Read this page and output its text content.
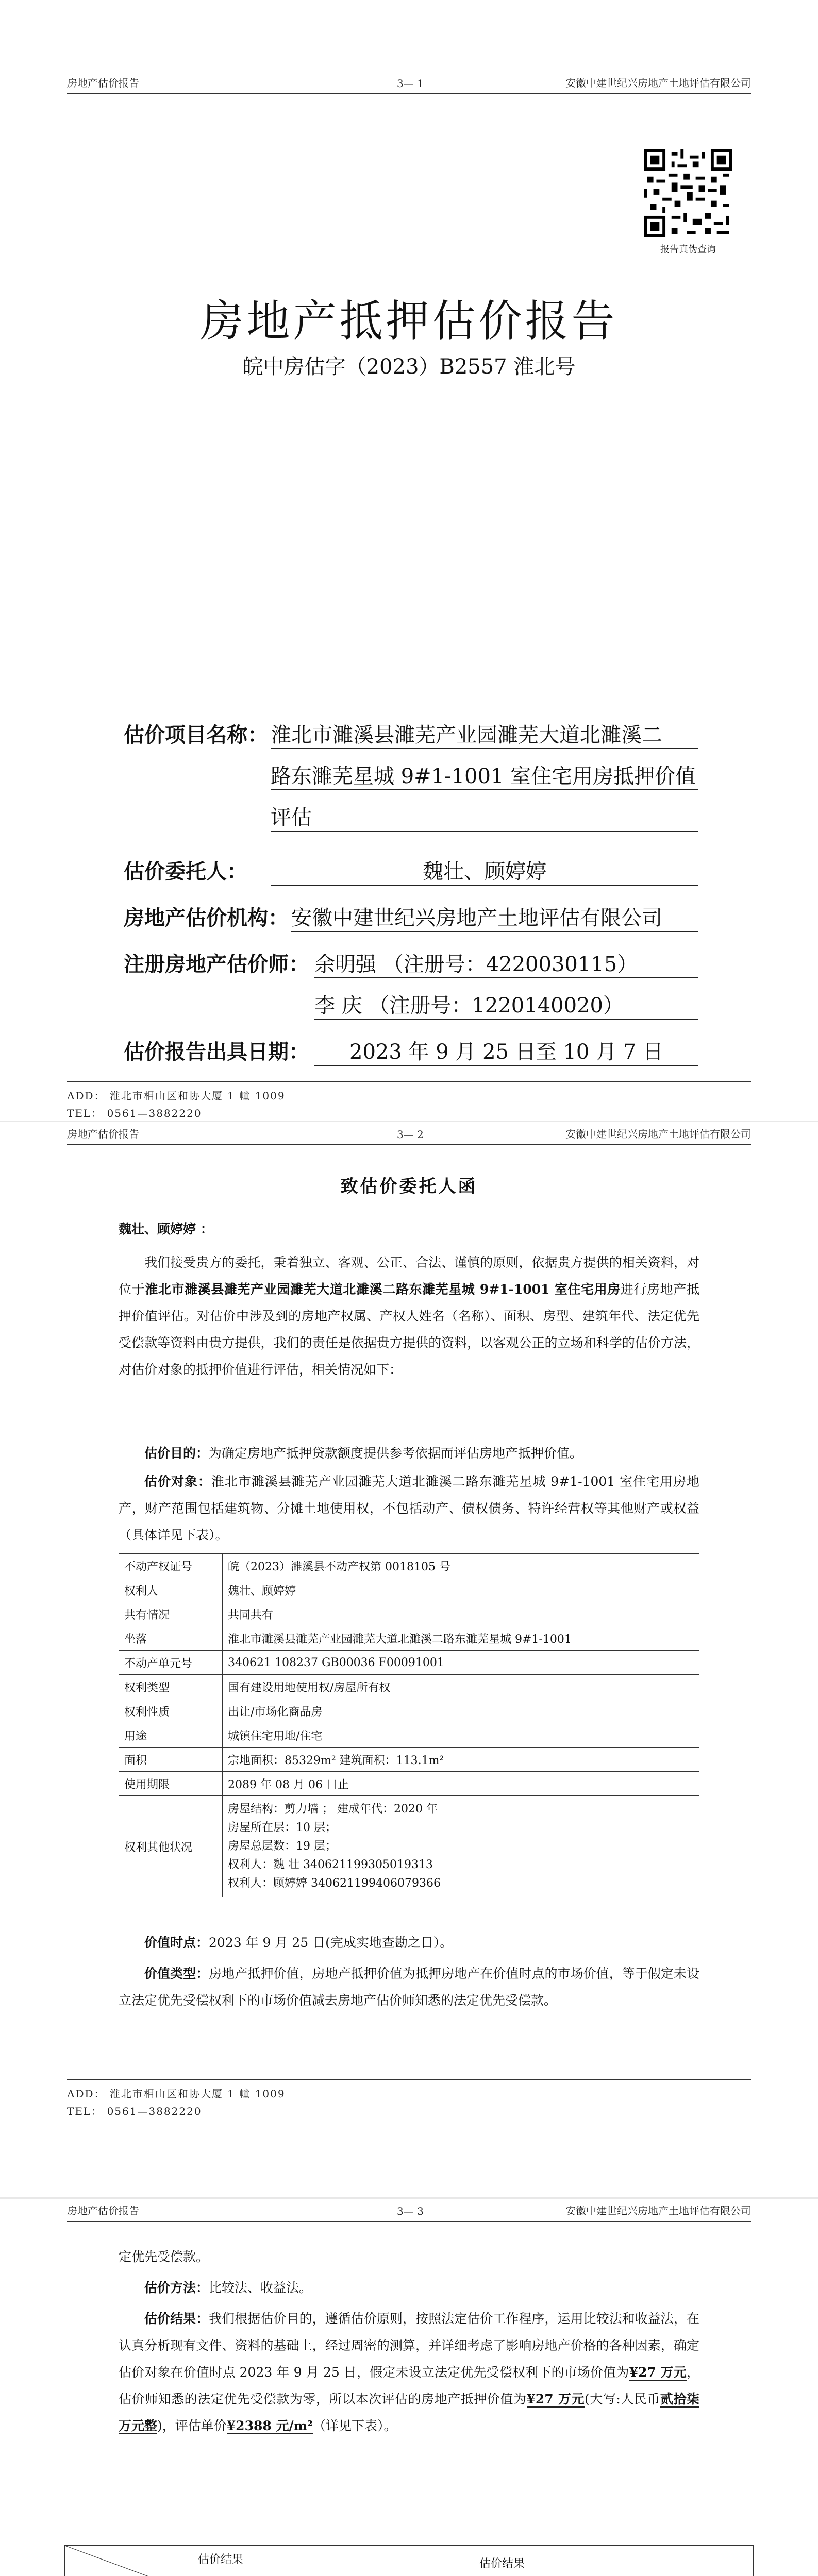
房地产估价报告	3— 1	安徽中建世纪兴房地产土地评估有限公司
报告真伪查询
房地产抵押估价报告
皖中房估字（2023）B2557 淮北号
估价项目名称： 淮北市濉溪县濉芜产业园濉芜大道北濉溪二
路东濉芜星城 9#1-1001 室住宅用房抵押价值
评估
估价委托人：	魏壮、顾婷婷
房地产估价机构： 安徽中建世纪兴房地产土地评估有限公司
注册房地产估价师： 余明强 （注册号：4220030115）
李 庆 （注册号：1220140020）
估价报告出具日期：	2023 年 9 月 25 日至 10 月 7 日
ADD： 淮北市相山区和协大厦 1 幢 1009
TEL： 0561—3882220
房地产估价报告	3— 2	安徽中建世纪兴房地产土地评估有限公司
致估价委托人函
魏壮、顾婷婷 ：
我们接受贵方的委托，秉着独立、客观、公正、合法、谨慎的原则，依据贵方提供的相关资料，对位于淮北市濉溪县濉芜产业园濉芜大道北濉溪二路东濉芜星城 9#1-1001 室住宅用房进行房地产抵押价值评估。对估价中涉及到的房地产权属、产权人姓名（名称）、面积、房型、建筑年代、法定优先受偿款等资料由贵方提供，我们的责任是依据贵方提供的资料，以客观公正的立场和科学的估价方法，对估价对象的抵押价值进行评估，相关情况如下：
估价目的：为确定房地产抵押贷款额度提供参考依据而评估房地产抵押价值。
估价对象：淮北市濉溪县濉芜产业园濉芜大道北濉溪二路东濉芜星城 9#1-1001 室住宅用房地产，财产范围包括建筑物、分摊土地使用权，不包括动产、债权债务、特许经营权等其他财产或权益（具体详见下表）。
不动产权证号	皖（2023）濉溪县不动产权第 0018105 号
权利人	魏壮、顾婷婷
共有情况	共同共有
坐落	淮北市濉溪县濉芜产业园濉芜大道北濉溪二路东濉芜星城 9#1-1001
不动产单元号	340621 108237 GB00036 F00091001
权利类型	国有建设用地使用权/房屋所有权
权利性质	出让/市场化商品房
用途	城镇住宅用地/住宅
面积	宗地面积：85329m² 建筑面积：113.1m²
使用期限	2089 年 08 月 06 日止
权利其他状况	房屋结构：剪力墙 ； 建成年代：2020 年
房屋所在层：10 层；
房屋总层数：19 层；
权利人：魏 壮 340621199305019313
权利人：顾婷婷 340621199406079366
价值时点：2023 年 9 月 25 日(完成实地查勘之日）。
价值类型：房地产抵押价值，房地产抵押价值为抵押房地产在价值时点的市场价值，等于假定未设立法定优先受偿权利下的市场价值减去房地产估价师知悉的法定优先受偿款。
ADD： 淮北市相山区和协大厦 1 幢 1009
TEL： 0561—3882220
房地产估价报告	3— 3	安徽中建世纪兴房地产土地评估有限公司
定优先受偿款。
估价方法：比较法、收益法。
估价结果：我们根据估价目的，遵循估价原则，按照法定估价工作程序，运用比较法和收益法，在认真分析现有文件、资料的基础上，经过周密的测算，并详细考虑了影响房地产价格的各种因素，确定估价对象在价值时点 2023 年 9 月 25 日，假定未设立法定优先受偿权利下的市场价值为¥27 万元，估价师知悉的法定优先受偿款为零，所以本次评估的房地产抵押价值为¥27 万元(大写:人民币贰拾柒万元整)，评估单价¥2388 元/m²（详见下表）。
估价结果	估价结果		
